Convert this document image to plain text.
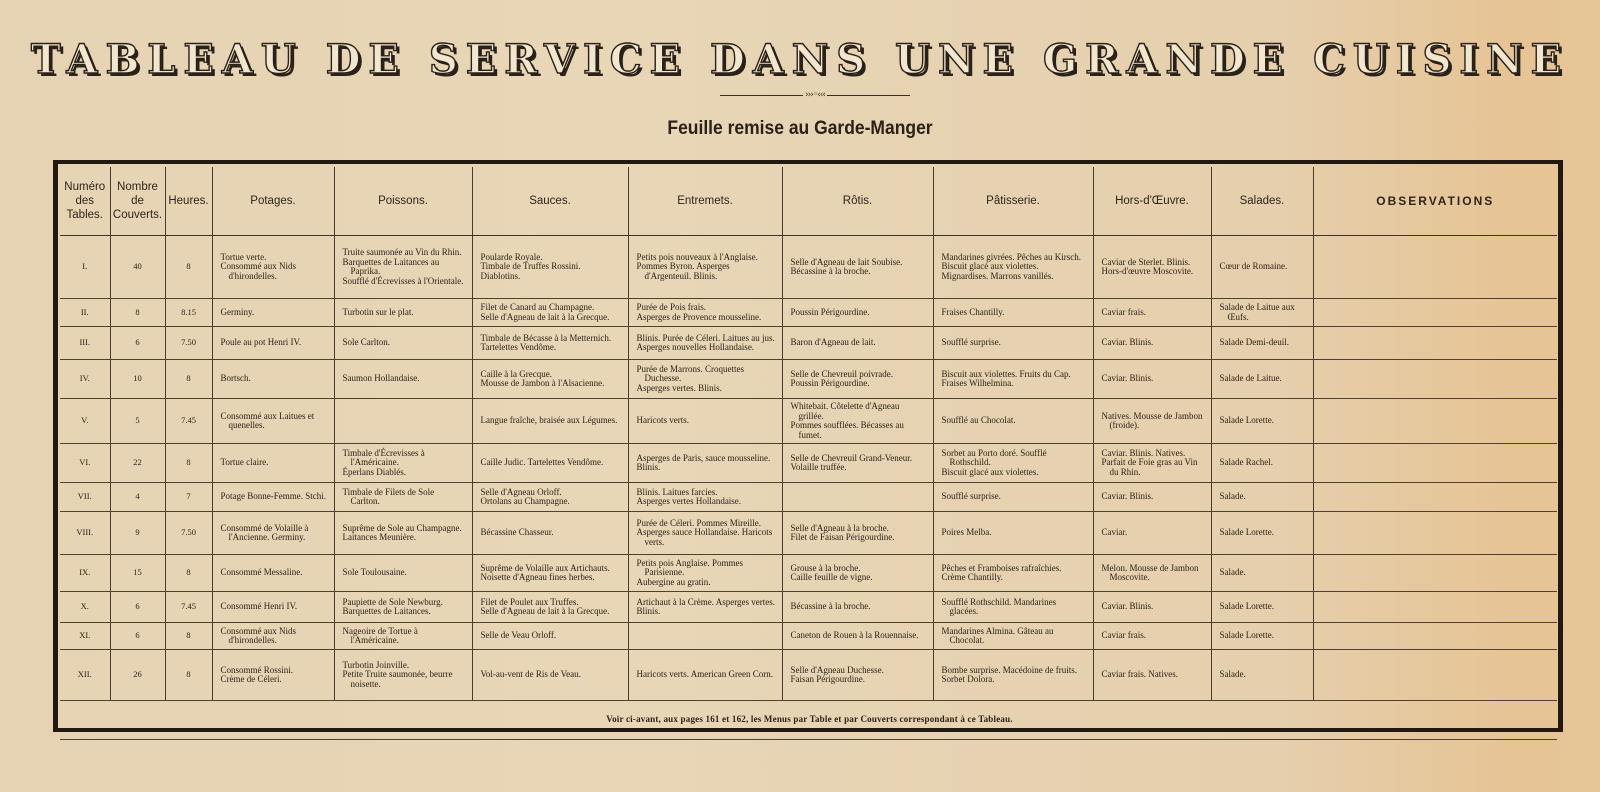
TABLEAU DE SERVICE DANS UNE GRANDE CUISINE
›››◦‹‹‹
Feuille remise au Garde-Manger
Numéro des Tables.	Nombre de Couverts.	Heures.	Potages.	Poissons.	Sauces.	Entremets.	Rôtis.	Pâtisserie.	Hors-d'Œuvre.	Salades.	OBSERVATIONS
I.	40	8	Tortue verte.
Consommé aux Nids d'hirondelles.	Truite saumonée au Vin du Rhin.
Barquettes de Laitances au Paprika.
Soufflé d'Écrevisses à l'Orientale.	Poularde Royale.
Timbale de Truffes Rossini.
Diablotins.	Petits pois nouveaux à l'Anglaise.
Pommes Byron. Asperges d'Argenteuil. Blinis.	Selle d'Agneau de lait Soubise.
Bécassine à la broche.	Mandarines givrées. Pêches au Kirsch.
Biscuit glacé aux violettes.
Mignardises. Marrons vanillés.	Caviar de Sterlet. Blinis.
Hors-d'œuvre Moscovite.	Cœur de Romaine.	

II.	8	8.15	Germiny.	Turbotin sur le plat.	Filet de Canard au Champagne.
Selle d'Agneau de lait à la Grecque.	Purée de Pois frais.
Asperges de Provence mousseline.	Poussin Périgourdine.	Fraises Chantilly.	Caviar frais.	Salade de Laitue aux Œufs.	

III.	6	7.50	Poule au pot Henri IV.	Sole Carlton.	Timbale de Bécasse à la Metternich.
Tartelettes Vendôme.	Blinis. Purée de Céleri. Laitues au jus.
Asperges nouvelles Hollandaise.	Baron d'Agneau de lait.	Soufflé surprise.	Caviar. Blinis.	Salade Demi-deuil.	

IV.	10	8	Bortsch.	Saumon Hollandaise.	Caille à la Grecque.
Mousse de Jambon à l'Alsacienne.	Purée de Marrons. Croquettes Duchesse.
Asperges vertes. Blinis.	Selle de Chevreuil poivrade.
Poussin Périgourdine.	Biscuit aux violettes. Fruits du Cap.
Fraises Wilhelmina.	Caviar. Blinis.	Salade de Laitue.	

V.	5	7.45	Consommé aux Laitues et quenelles.		Langue fraîche, braisée aux Légumes.	Haricots verts.	Whitebait. Côtelette d'Agneau grillée.
Pommes soufflées. Bécasses au fumet.	Soufflé au Chocolat.	Natives. Mousse de Jambon (froide).	Salade Lorette.	

VI.	22	8	Tortue claire.	Timbale d'Écrevisses à l'Américaine.
Éperlans Diablés.	Caille Judic. Tartelettes Vendôme.	Asperges de Paris, sauce mousseline.
Blinis.	Selle de Chevreuil Grand-Veneur.
Volaille truffée.	Sorbet au Porto doré. Soufflé Rothschild.
Biscuit glacé aux violettes.	Caviar. Blinis. Natives.
Parfait de Foie gras au Vin du Rhin.	Salade Rachel.	

VII.	4	7	Potage Bonne-Femme. Stchi.	Timbale de Filets de Sole Carlton.	Selle d'Agneau Orloff.
Ortolans au Champagne.	Blinis. Laitues farcies.
Asperges vertes Hollandaise.		Soufflé surprise.	Caviar. Blinis.	Salade.	

VIII.	9	7.50	Consommé de Volaille à l'Ancienne. Germiny.	Suprême de Sole au Champagne.
Laitances Meunière.	Bécassine Chasseur.	Purée de Céleri. Pommes Mireille.
Asperges sauce Hollandaise. Haricots verts.	Selle d'Agneau à la broche.
Filet de Faisan Périgourdine.	Poires Melba.	Caviar.	Salade Lorette.	

IX.	15	8	Consommé Messaline.	Sole Toulousaine.	Suprême de Volaille aux Artichauts.
Noisette d'Agneau fines herbes.	Petits pois Anglaise. Pommes Parisienne.
Aubergine au gratin.	Grouse à la broche.
Caille feuille de vigne.	Pêches et Framboises rafraîchies.
Crème Chantilly.	Melon. Mousse de Jambon Moscovite.	Salade.	

X.	6	7.45	Consommé Henri IV.	Paupiette de Sole Newburg.
Barquettes de Laitances.	Filet de Poulet aux Truffes.
Selle d'Agneau de lait à la Grecque.	Artichaut à la Crème. Asperges vertes.
Blinis.	Bécassine à la broche.	Soufflé Rothschild. Mandarines glacées.	Caviar. Blinis.	Salade Lorette.	

XI.	6	8	Consommé aux Nids d'hirondelles.	Nageoire de Tortue à l'Américaine.	Selle de Veau Orloff.		Caneton de Rouen à la Rouennaise.	Mandarines Almina. Gâteau au Chocolat.	Caviar frais.	Salade Lorette.	

XII.	26	8	Consommé Rossini.
Crème de Céleri.	Turbotin Joinville.
Petite Truite saumonée, beurre noisette.	Vol-au-vent de Ris de Veau.	Haricots verts. American Green Corn.	Selle d'Agneau Duchesse.
Faisan Périgourdine.	Bombe surprise. Macédoine de fruits.
Sorbet Dolora.	Caviar frais. Natives.	Salade.	

Voir ci-avant, aux pages 161 et 162, les Menus par Table et par Couverts correspondant à ce Tableau.											
